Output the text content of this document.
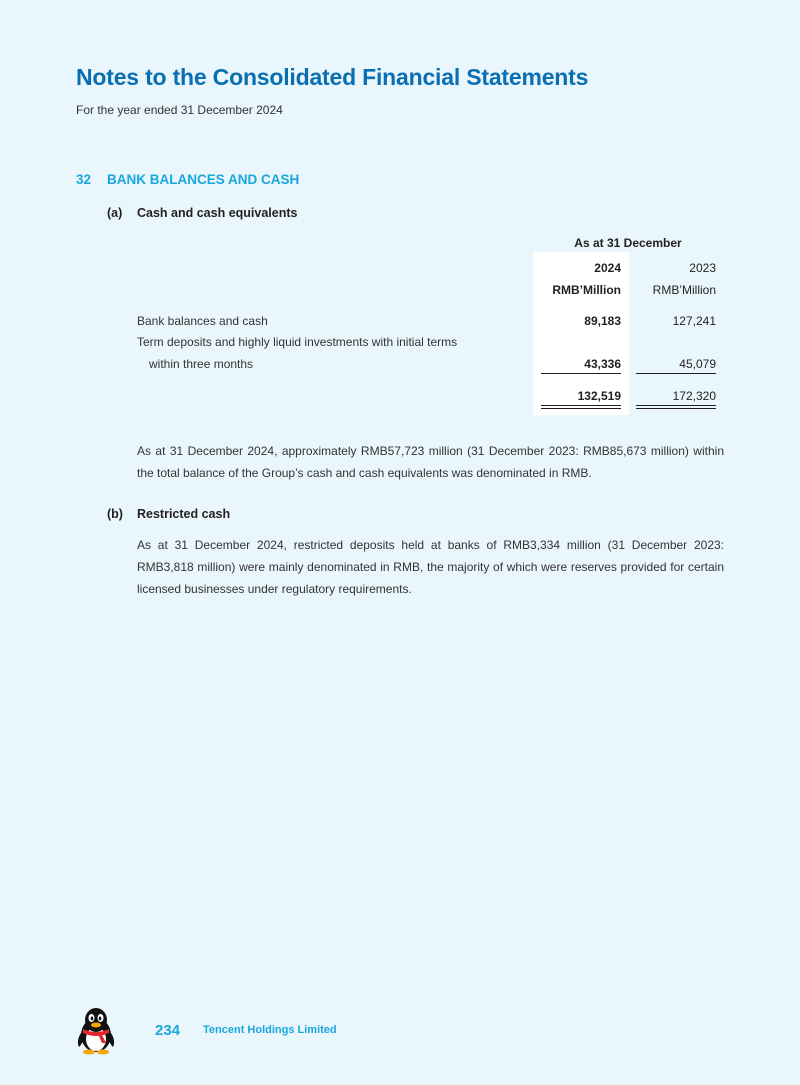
Notes to the Consolidated Financial Statements
For the year ended 31 December 2024
32 BANK BALANCES AND CASH
(a) Cash and cash equivalents
As at 31 December
2024	2023
RMB’Million	RMB’Million
Bank balances and cash	89,183	127,241
Term deposits and highly liquid investments with initial terms
within three months	43,336	45,079
132,519	172,320
As at 31 December 2024, approximately RMB57,723 million (31 December 2023: RMB85,673 million) within the total balance of the Group’s cash and cash equivalents was denominated in RMB.
(b) Restricted cash
As at 31 December 2024, restricted deposits held at banks of RMB3,334 million (31 December 2023: RMB3,818 million) were mainly denominated in RMB, the majority of which were reserves provided for certain licensed businesses under regulatory requirements.
234 Tencent Holdings Limited
